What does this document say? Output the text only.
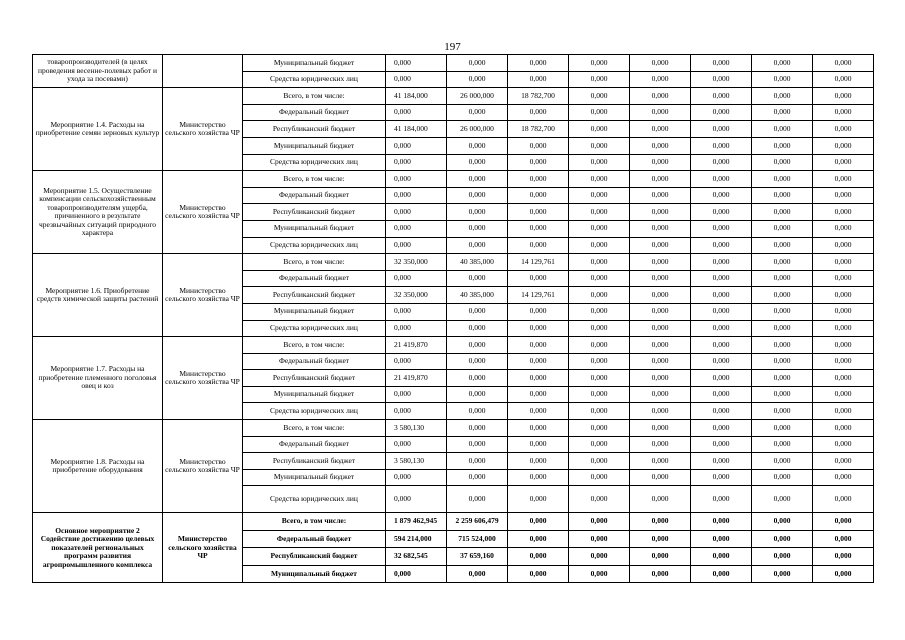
197
товаропроизводителей (в целях проведения весенне-полевых работ и ухода за посевами)		Муниципальный бюджет	0,000	0,000	0,000	0,000	0,000	0,000	0,000	0,000
		Средства юридических лиц	0,000	0,000	0,000	0,000	0,000	0,000	0,000	0,000
Мероприятие 1.4. Расходы на приобретение семян зерновых культур	Министерство сельского хозяйства ЧР	Всего, в том числе:	41 184,000	26 000,000	18 782,700	0,000	0,000	0,000	0,000	0,000
		Федеральный бюджет	0,000	0,000	0,000	0,000	0,000	0,000	0,000	0,000
		Республиканский бюджет	41 184,000	26 000,000	18 782,700	0,000	0,000	0,000	0,000	0,000
		Муниципальный бюджет	0,000	0,000	0,000	0,000	0,000	0,000	0,000	0,000
		Средства юридических лиц	0,000	0,000	0,000	0,000	0,000	0,000	0,000	0,000
Мероприятие 1.5. Осуществление компенсации сельскохозяйственным товаропроизводителям ущерба, причиненного в результате чрезвычайных ситуаций природного характера	Министерство сельского хозяйства ЧР	Всего, в том числе:	0,000	0,000	0,000	0,000	0,000	0,000	0,000	0,000
		Федеральный бюджет	0,000	0,000	0,000	0,000	0,000	0,000	0,000	0,000
		Республиканский бюджет	0,000	0,000	0,000	0,000	0,000	0,000	0,000	0,000
		Муниципальный бюджет	0,000	0,000	0,000	0,000	0,000	0,000	0,000	0,000
		Средства юридических лиц	0,000	0,000	0,000	0,000	0,000	0,000	0,000	0,000
Мероприятие 1.6. Приобретение средств химической защиты растений	Министерство сельского хозяйства ЧР	Всего, в том числе:	32 350,000	40 385,000	14 129,761	0,000	0,000	0,000	0,000	0,000
		Федеральный бюджет	0,000	0,000	0,000	0,000	0,000	0,000	0,000	0,000
		Республиканский бюджет	32 350,000	40 385,000	14 129,761	0,000	0,000	0,000	0,000	0,000
		Муниципальный бюджет	0,000	0,000	0,000	0,000	0,000	0,000	0,000	0,000
		Средства юридических лиц	0,000	0,000	0,000	0,000	0,000	0,000	0,000	0,000
Мероприятие 1.7. Расходы на приобретение племенного поголовья овец и коз	Министерство сельского хозяйства ЧР	Всего, в том числе:	21 419,870	0,000	0,000	0,000	0,000	0,000	0,000	0,000
		Федеральный бюджет	0,000	0,000	0,000	0,000	0,000	0,000	0,000	0,000
		Республиканский бюджет	21 419,870	0,000	0,000	0,000	0,000	0,000	0,000	0,000
		Муниципальный бюджет	0,000	0,000	0,000	0,000	0,000	0,000	0,000	0,000
		Средства юридических лиц	0,000	0,000	0,000	0,000	0,000	0,000	0,000	0,000
Мероприятие 1.8. Расходы на приобретение оборудования	Министерство сельского хозяйства ЧР	Всего, в том числе:	3 580,130	0,000	0,000	0,000	0,000	0,000	0,000	0,000
		Федеральный бюджет	0,000	0,000	0,000	0,000	0,000	0,000	0,000	0,000
		Республиканский бюджет	3 580,130	0,000	0,000	0,000	0,000	0,000	0,000	0,000
		Муниципальный бюджет	0,000	0,000	0,000	0,000	0,000	0,000	0,000	0,000
		Средства юридических лиц	0,000	0,000	0,000	0,000	0,000	0,000	0,000	0,000
Основное мероприятие 2 Содействие достижению целевых показателей региональных программ развития агропромышленного комплекса	Министерство сельского хозяйства ЧР	Всего, в том числе:	1 879 462,945	2 259 606,479	0,000	0,000	0,000	0,000	0,000	0,000
		Федеральный бюджет	594 214,000	715 524,000	0,000	0,000	0,000	0,000	0,000	0,000
		Республиканский бюджет	32 682,545	37 659,160	0,000	0,000	0,000	0,000	0,000	0,000
		Муниципальный бюджет	0,000	0,000	0,000	0,000	0,000	0,000	0,000	0,000
